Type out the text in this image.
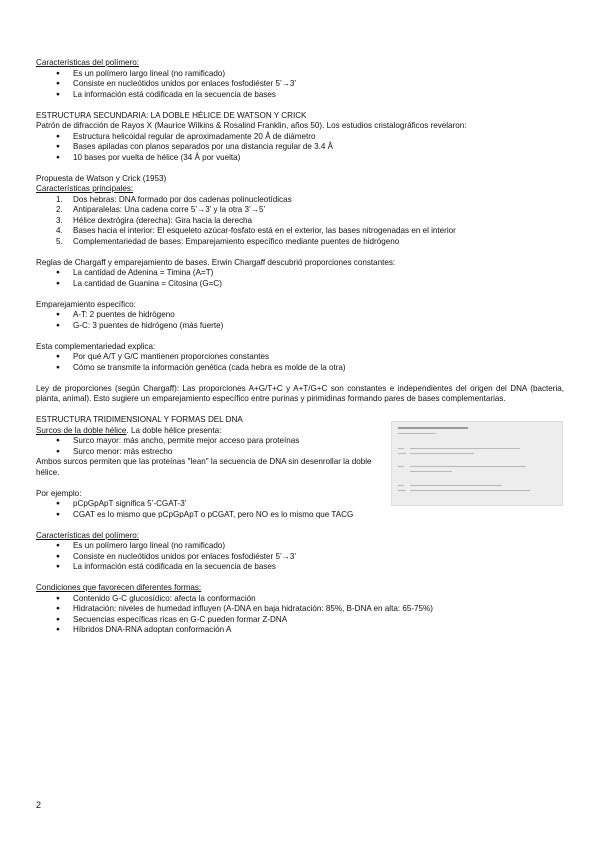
Características del polímero:

● Es un polímero largo lineal (no ramificado)
● Consiste en nucleótidos unidos por enlaces fosfodiéster 5’→3’
● La información está codificada en la secuencia de bases

ESTRUCTURA SECUNDARIA: LA DOBLE HÉLICE DE WATSON Y CRICK

Patrón de difracción de Rayos X (Maurice Wilkins & Rosalind Franklin, años 50). Los estudios cristalográficos revelaron:

● Estructura helicoidal regular de aproximadamente 20 Å de diámetro
● Bases apiladas con planos separados por una distancia regular de 3.4 Å
● 10 bases por vuelta de hélice (34 Å por vuelta)

Propuesta de Watson y Crick (1953)

Características principales:

1. Dos hebras: DNA formado por dos cadenas polinucleotídicas
2. Antiparalelas: Una cadena corre 5’→3’ y la otra 3’→5’
3. Hélice dextrógira (derecha): Gira hacia la derecha
4. Bases hacia el interior: El esqueleto azúcar-fosfato está en el exterior, las bases nitrogenadas en el interior
5. Complementariedad de bases: Emparejamiento específico mediante puentes de hidrógeno

Reglas de Chargaff y emparejamiento de bases. Erwin Chargaff descubrió proporciones constantes:

● La cantidad de Adenina = Timina (A=T)
● La cantidad de Guanina = Citosina (G=C)

Emparejamiento específico:

● A-T: 2 puentes de hidrógeno
● G-C: 3 puentes de hidrógeno (más fuerte)

Esta complementariedad explica:

● Por qué A/T y G/C mantienen proporciones constantes
● Cómo se transmite la información genética (cada hebra es molde de la otra)

Ley de proporciones (según Chargaff): Las proporciones A+G/T+C y A+T/G+C son constantes e independientes del origen del DNA (bacteria, planta, animal). Esto sugiere un emparejamiento específico entre purinas y pirimidinas formando pares de bases complementarias.

ESTRUCTURA TRIDIMENSIONAL Y FORMAS DEL DNA

Surcos de la doble hélice. La doble hélice presenta:

● Surco mayor: más ancho, permite mejor acceso para proteínas
● Surco menor: más estrecho

Ambos surcos permiten que las proteínas "lean" la secuencia de DNA sin desenrollar la doble hélice.

Por ejemplo:

● pCpGpApT significa 5’-CGAT-3’
● CGAT es lo mismo que pCpGpApT o pCGAT, pero NO es lo mismo que TACG

Características del polímero:

● Es un polímero largo lineal (no ramificado)
● Consiste en nucleótidos unidos por enlaces fosfodiéster 5’→3’
● La información está codificada en la secuencia de bases

Condiciones que favorecen diferentes formas:

● Contenido G-C glucosídico: afecta la conformación
● Hidratación: niveles de humedad influyen (A-DNA en baja hidratación: 85%, B-DNA en alta: 65-75%)
● Secuencias específicas ricas en G-C pueden formar Z-DNA
● Híbridos DNA-RNA adoptan conformación A
2
